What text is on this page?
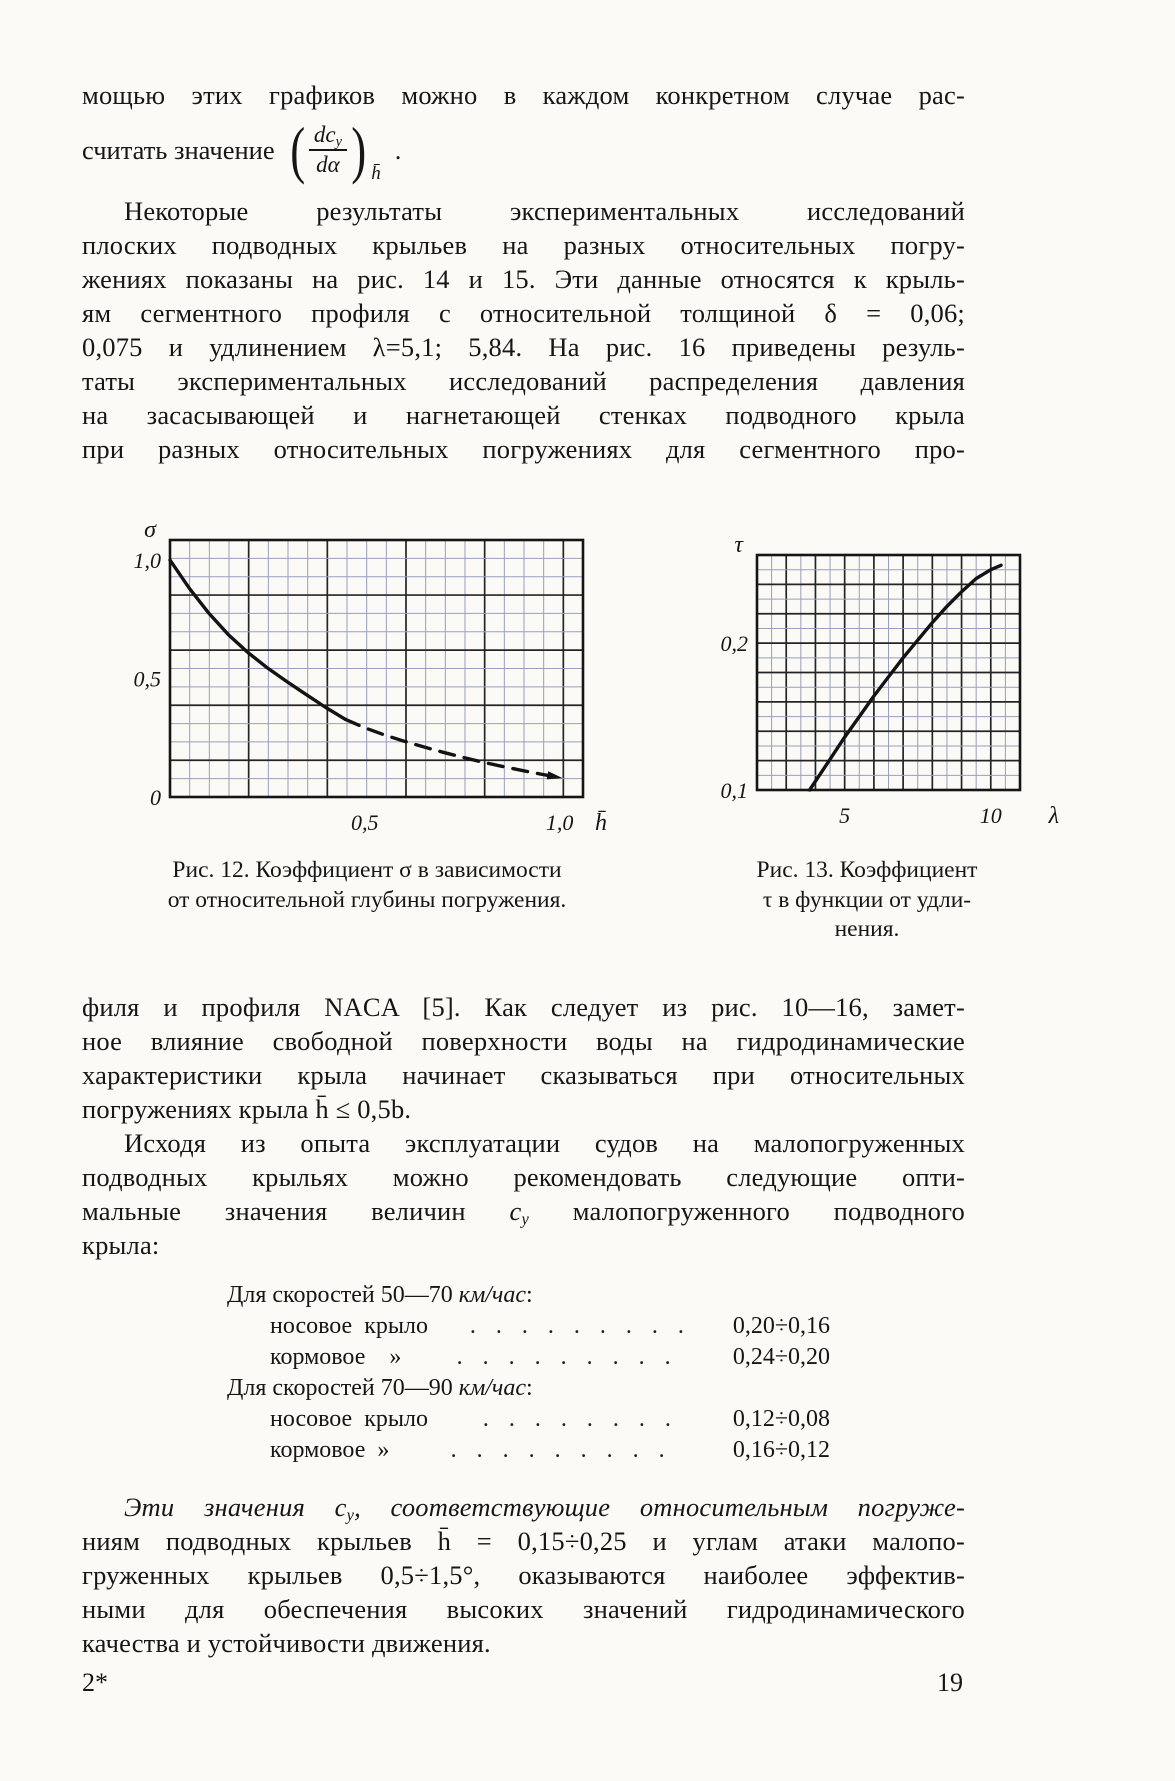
мощью этих графиков можно в каждом конкретном случае рас-
считать значение ( $\frac{dc_y}{d\alpha}$ ) h̄
.
Некоторые результаты экспериментальных исследований
плоских подводных крыльев на разных относительных погру-
жениях показаны на рис. 14 и 15. Эти данные относятся к крыль-
ям сегментного профиля с относительной толщиной δ = 0,06;
0,075 и удлинением λ=5,1; 5,84. На рис. 16 приведены резуль-
таты экспериментальных исследований распределения давления
на засасывающей и нагнетающей стенках подводного крыла
при разных относительных погружениях для сегментного про-
0
0,5
1,0
0,5	1,0
σ
h̄
0,1
0,2
5	10
τ
λ
Рис. 12. Коэффициент σ в зависимости
от относительной глубины погружения.
Рис. 13. Коэффициент
τ в функции от удли-
нения.
филя и профиля NACA [5]. Как следует из рис. 10—16, замет-
ное влияние свободной поверхности воды на гидродинамические
характеристики крыла начинает сказываться при относительных
погружениях крыла h̄ ≤ 0,5b.
Исходя из опыта эксплуатации судов на малопогруженных
подводных крыльях можно рекомендовать следующие опти-
мальные значения величин $c_y$ малопогруженного подводного
крыла:
Для скоростей 50—70 км/час:
носовое  крыло	. . . . . . . . .	0,20÷0,16
кормовое    »	. . . . . . . . .	0,24÷0,20
Для скоростей 70—90 км/час:
носовое  крыло	. . . . . . . .	0,12÷0,08
кормовое  »	. . . . . . . . .	0,16÷0,12
Эти значения $c_y$, соответствующие относительным погруже-
ниям подводных крыльев h̄ = 0,15÷0,25 и углам атаки малопо-
груженных крыльев 0,5÷1,5°, оказываются наиболее эффектив-
ными для обеспечения высоких значений гидродинамического
качества и устойчивости движения.
2*	19
